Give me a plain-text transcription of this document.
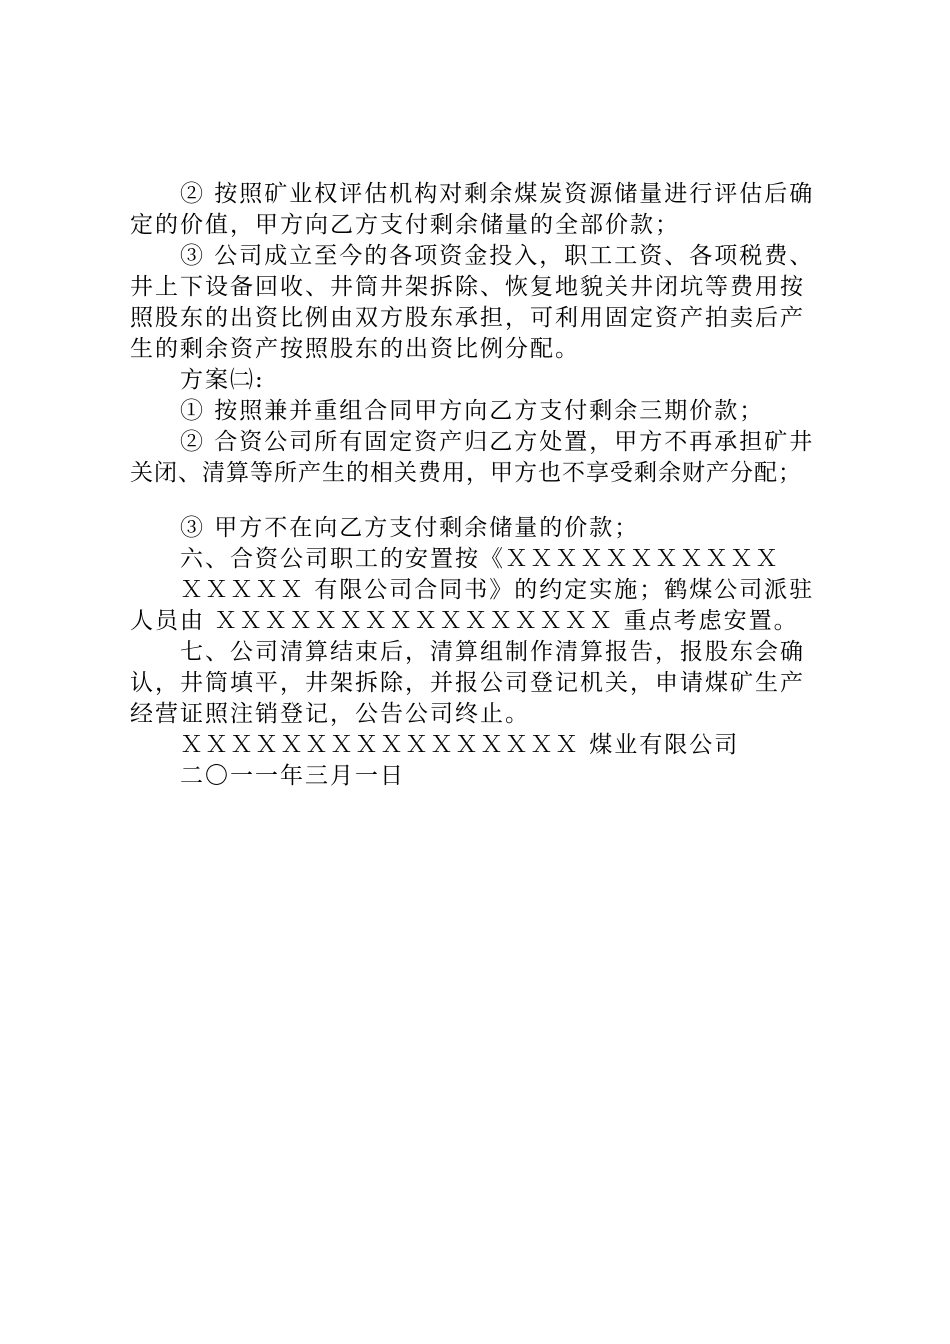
② 按照矿业权评估机构对剩余煤炭资源储量进行评估后确
定的价值，甲方向乙方支付剩余储量的全部价款；
③ 公司成立至今的各项资金投入，职工工资、各项税费、
井上下设备回收、井筒井架拆除、恢复地貌关井闭坑等费用按
照股东的出资比例由双方股东承担，可利用固定资产拍卖后产
生的剩余资产按照股东的出资比例分配。
方案㈡:
① 按照兼并重组合同甲方向乙方支付剩余三期价款；
② 合资公司所有固定资产归乙方处置，甲方不再承担矿井
关闭、清算等所产生的相关费用，甲方也不享受剩余财产分配；
③ 甲方不在向乙方支付剩余储量的价款；
六、合资公司职工的安置按《ＸＸＸＸＸＸＸＸＸＸＸ
ＸＸＸＸＸ 有限公司合同书》的约定实施；鹤煤公司派驻
人员由 ＸＸＸＸＸＸＸＸＸＸＸＸＸＸＸＸ 重点考虑安置。
七、公司清算结束后，清算组制作清算报告，报股东会确
认，井筒填平，井架拆除，并报公司登记机关，申请煤矿生产
经营证照注销登记，公告公司终止。
ＸＸＸＸＸＸＸＸＸＸＸＸＸＸＸＸ 煤业有限公司
二〇一一年三月一日
